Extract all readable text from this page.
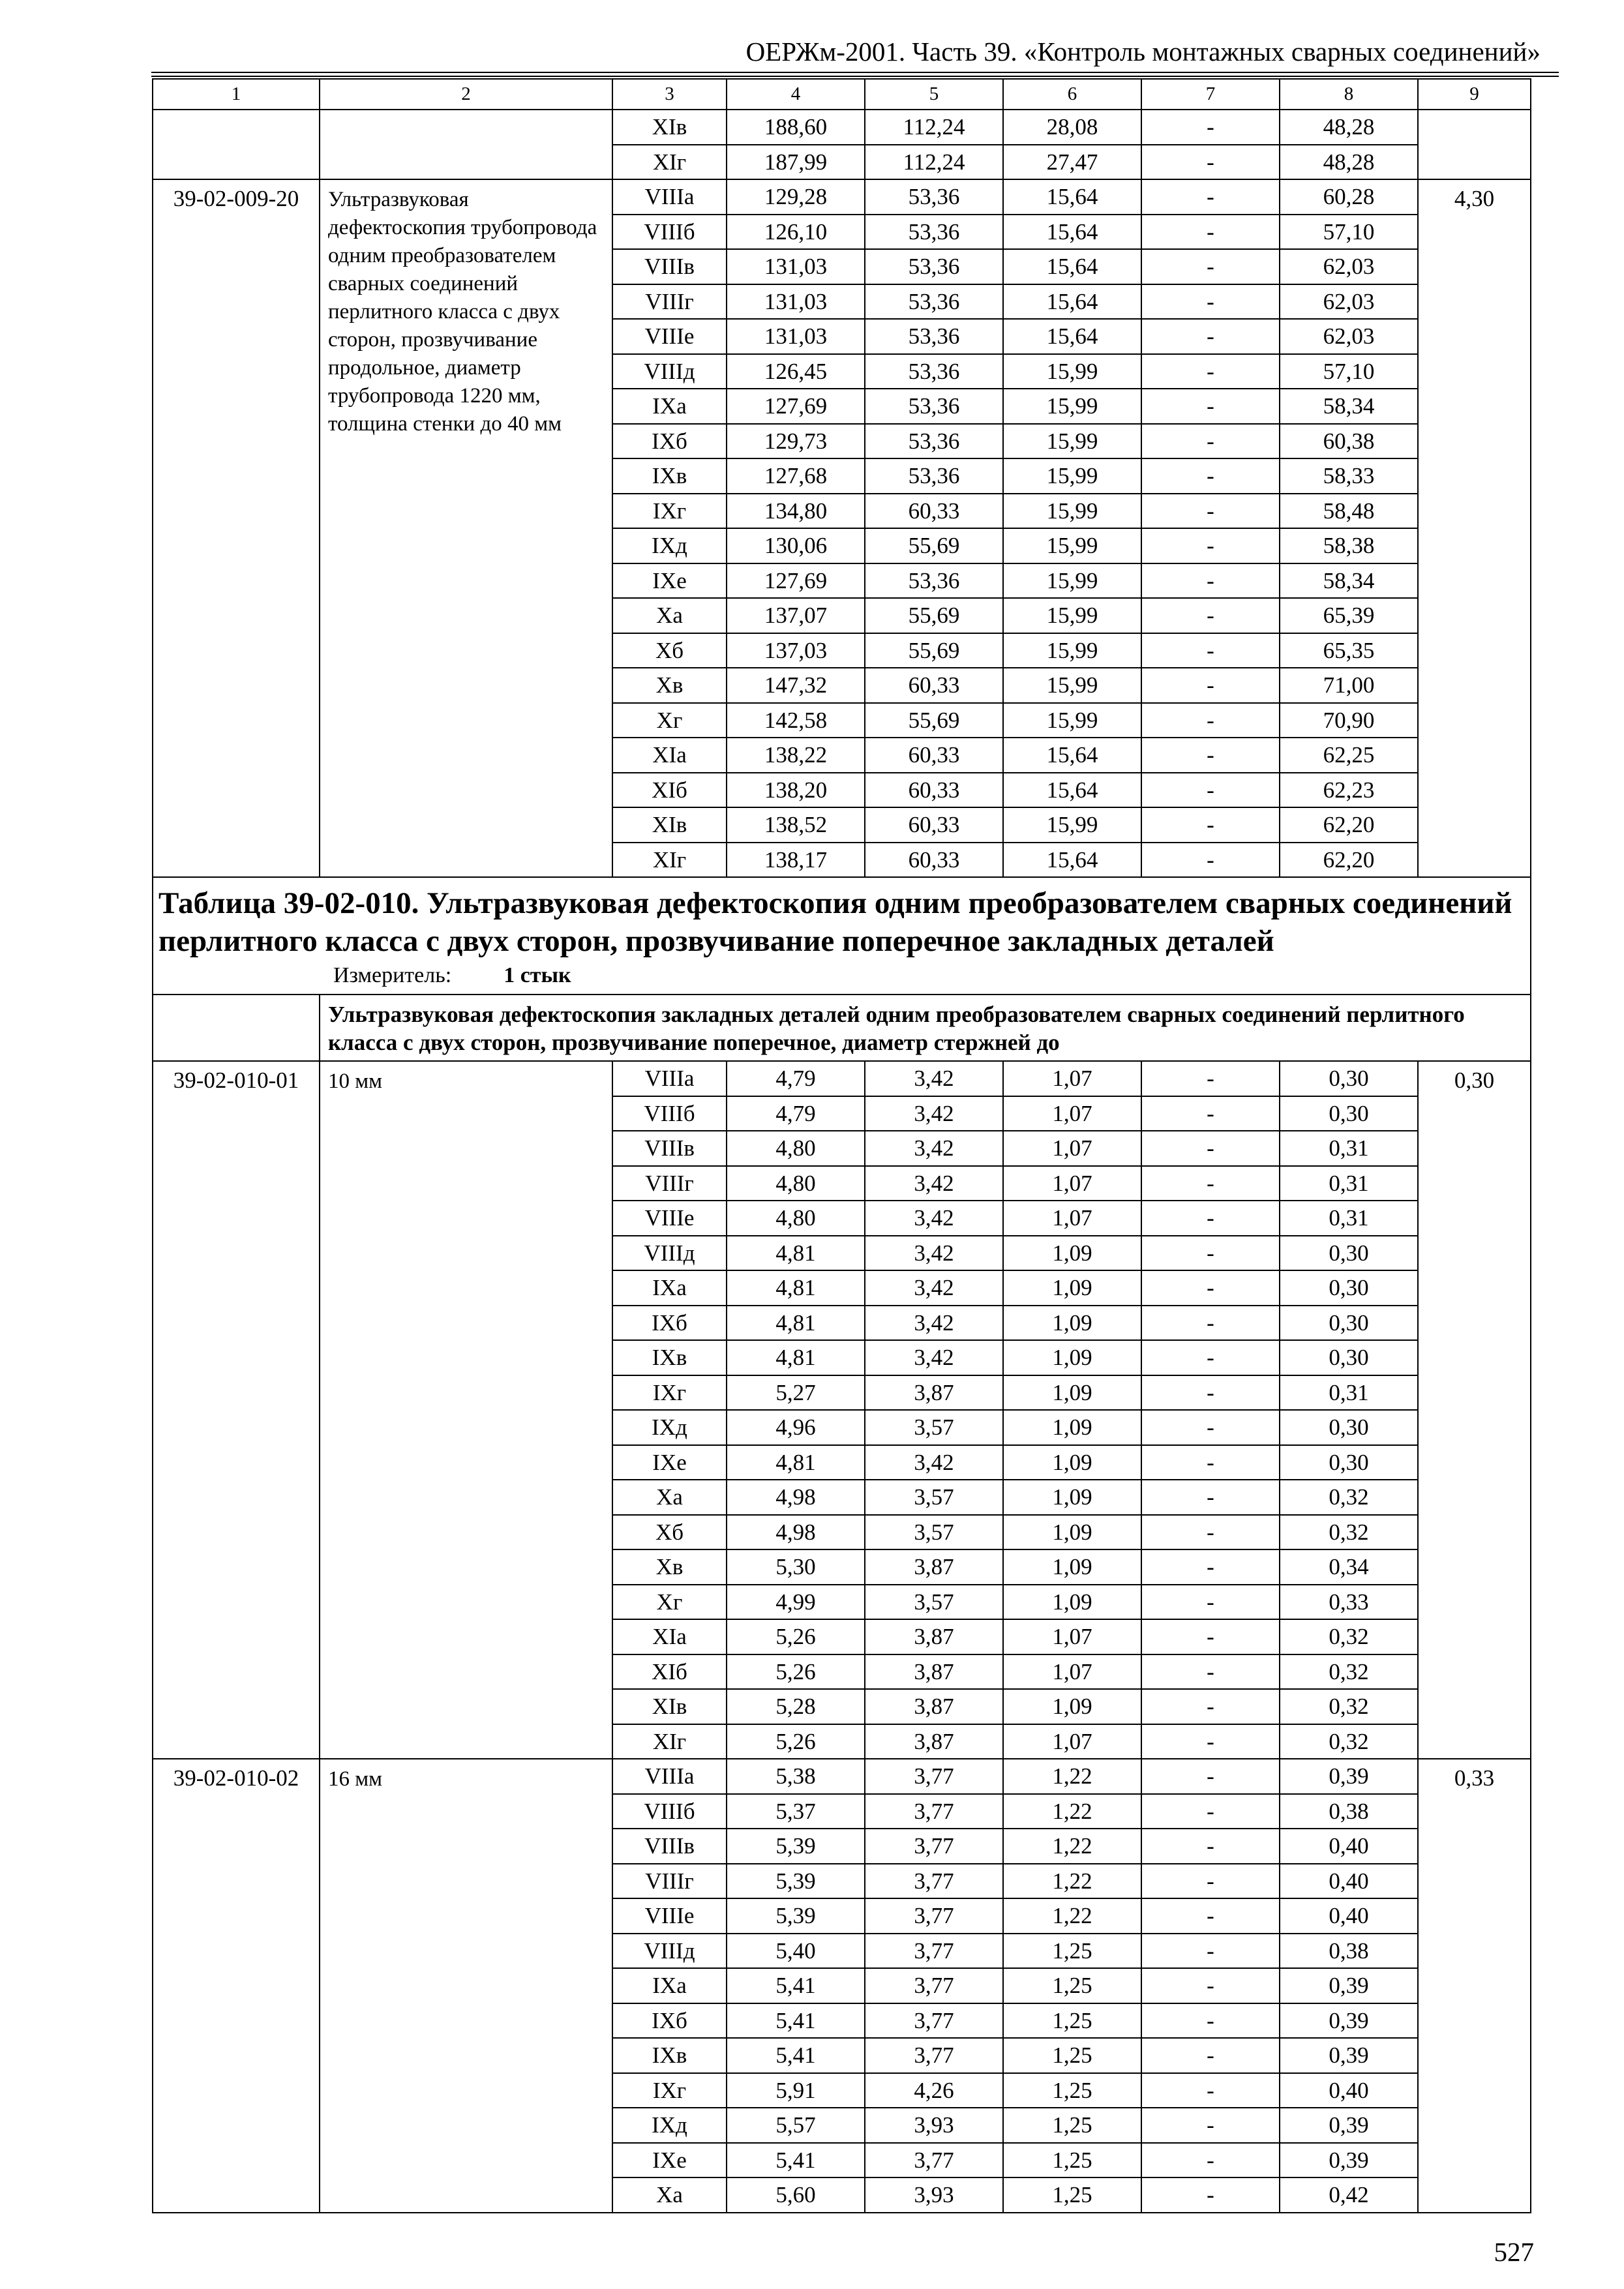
ОЕРЖм-2001. Часть 39. «Контроль монтажных сварных соединений»
1	2	3	4	5	6	7	8	9
		XIв	188,60	112,24	28,08	-	48,28	
		XIг	187,99	112,24	27,47	-	48,28	
39-02-009-20	Ультразвуковая дефектоскопия трубопровода одним преобразователем сварных соединений перлитного класса с двух сторон, прозвучивание продольное, диаметр трубопровода 1220 мм, толщина стенки до 40 мм	VIIIа	129,28	53,36	15,64	-	60,28	4,30
		VIIIб	126,10	53,36	15,64	-	57,10	
		VIIIв	131,03	53,36	15,64	-	62,03	
		VIIIг	131,03	53,36	15,64	-	62,03	
		VIIIе	131,03	53,36	15,64	-	62,03	
		VIIIд	126,45	53,36	15,99	-	57,10	
		IXа	127,69	53,36	15,99	-	58,34	
		IXб	129,73	53,36	15,99	-	60,38	
		IXв	127,68	53,36	15,99	-	58,33	
		IXг	134,80	60,33	15,99	-	58,48	
		IXд	130,06	55,69	15,99	-	58,38	
		IXе	127,69	53,36	15,99	-	58,34	
		Xа	137,07	55,69	15,99	-	65,39	
		Xб	137,03	55,69	15,99	-	65,35	
		Xв	147,32	60,33	15,99	-	71,00	
		Xг	142,58	55,69	15,99	-	70,90	
		XIа	138,22	60,33	15,64	-	62,25	
		XIб	138,20	60,33	15,64	-	62,23	
		XIв	138,52	60,33	15,99	-	62,20	
		XIг	138,17	60,33	15,64	-	62,20	

Таблица 39-02-010. Ультразвуковая дефектоскопия одним преобразователем сварных соединений перлитного класса с двух сторон, прозвучивание поперечное закладных деталей
Измеритель: 1 стык								

	Ультразвуковая дефектоскопия закладных деталей одним преобразователем сварных соединений перлитного класса с двух сторон, прозвучивание поперечное, диаметр стержней до							
39-02-010-01	10 мм	VIIIа	4,79	3,42	1,07	-	0,30	0,30
		VIIIб	4,79	3,42	1,07	-	0,30	
		VIIIв	4,80	3,42	1,07	-	0,31	
		VIIIг	4,80	3,42	1,07	-	0,31	
		VIIIе	4,80	3,42	1,07	-	0,31	
		VIIIд	4,81	3,42	1,09	-	0,30	
		IXа	4,81	3,42	1,09	-	0,30	
		IXб	4,81	3,42	1,09	-	0,30	
		IXв	4,81	3,42	1,09	-	0,30	
		IXг	5,27	3,87	1,09	-	0,31	
		IXд	4,96	3,57	1,09	-	0,30	
		IXе	4,81	3,42	1,09	-	0,30	
		Xа	4,98	3,57	1,09	-	0,32	
		Xб	4,98	3,57	1,09	-	0,32	
		Xв	5,30	3,87	1,09	-	0,34	
		Xг	4,99	3,57	1,09	-	0,33	
		XIа	5,26	3,87	1,07	-	0,32	
		XIб	5,26	3,87	1,07	-	0,32	
		XIв	5,28	3,87	1,09	-	0,32	
		XIг	5,26	3,87	1,07	-	0,32	
39-02-010-02	16 мм	VIIIа	5,38	3,77	1,22	-	0,39	0,33
		VIIIб	5,37	3,77	1,22	-	0,38	
		VIIIв	5,39	3,77	1,22	-	0,40	
		VIIIг	5,39	3,77	1,22	-	0,40	
		VIIIе	5,39	3,77	1,22	-	0,40	
		VIIIд	5,40	3,77	1,25	-	0,38	
		IXа	5,41	3,77	1,25	-	0,39	
		IXб	5,41	3,77	1,25	-	0,39	
		IXв	5,41	3,77	1,25	-	0,39	
		IXг	5,91	4,26	1,25	-	0,40	
		IXд	5,57	3,93	1,25	-	0,39	
		IXе	5,41	3,77	1,25	-	0,39	
		Xа	5,60	3,93	1,25	-	0,42	
527
